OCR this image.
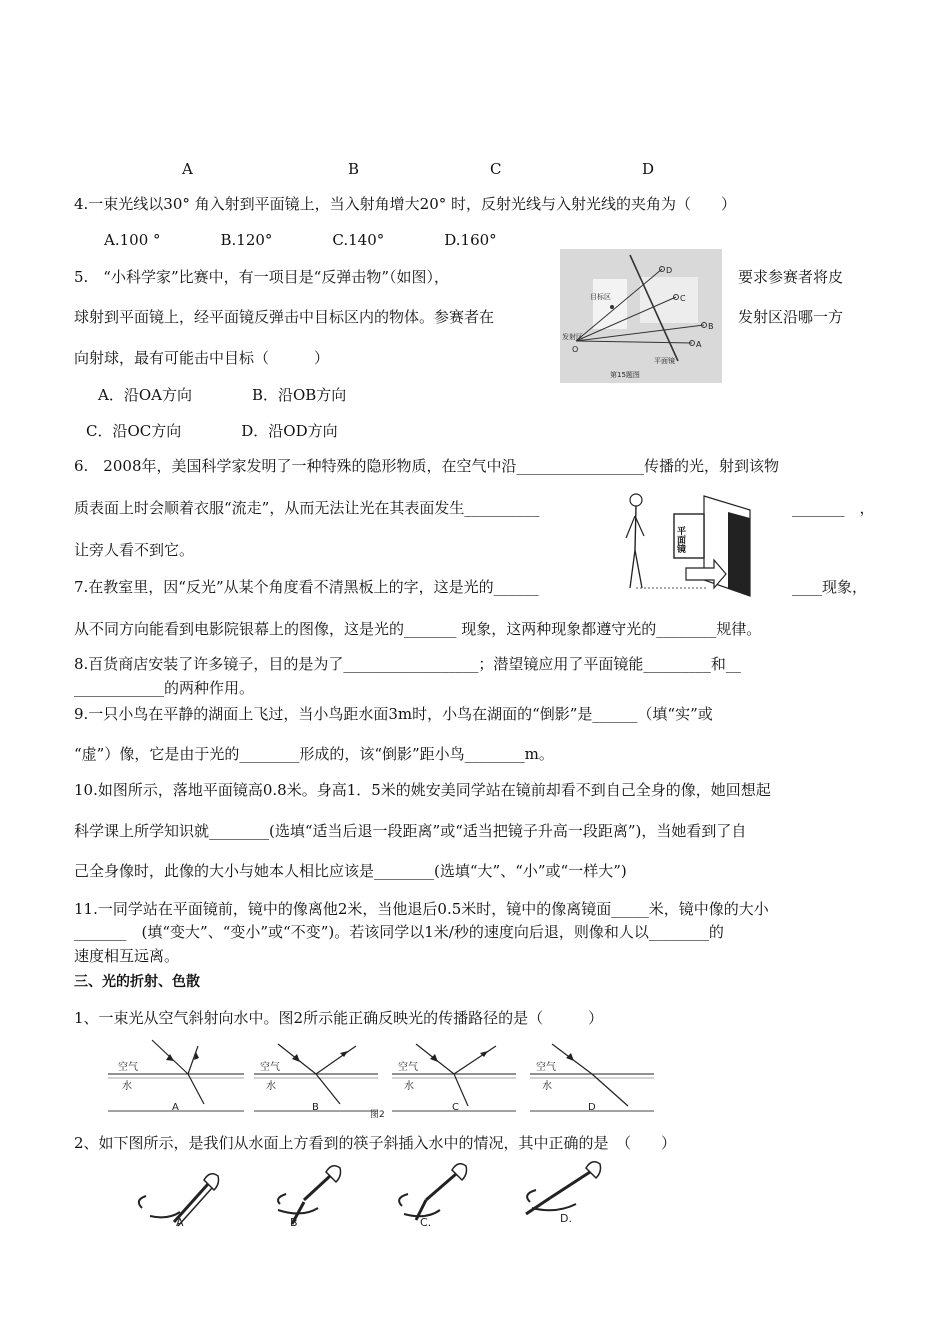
A	B	C	D
4.一束光线以30° 角入射到平面镜上，当入射角增大20° 时，反射光线与入射光线的夹角为（　　）
A.100 °　　　　B.120°　　　　C.140°　　　　D.160°
5.　“小科学家”比赛中，有一项目是“反弹击物”（如图），	要求参赛者将皮
球射到平面镜上，经平面镜反弹击中目标区内的物体。参赛者在	发射区沿哪一方
向射球，最有可能击中目标（　　　）
A．沿OA方向　　　　B．沿OB方向
C．沿OC方向　　　　D．沿OD方向
D
C
B
A
目标区
发射区
O
平面镜
第15题图
6.　2008年，美国科学家发明了一种特殊的隐形物质，在空气中沿_________________传播的光，射到该物
质表面上时会顺着衣服“流走”，从而无法让光在其表面发生__________	_______　，
让旁人看不到它。	平面镜
7.在教室里，因“反光”从某个角度看不清黑板上的字，这是光的______	____现象，
从不同方向能看到电影院银幕上的图像，这是光的_______ 现象，这两种现象都遵守光的________规律。
8.百货商店安装了许多镜子，目的是为了__________________；潜望镜应用了平面镜能_________和__
____________的两种作用。
9.一只小鸟在平静的湖面上飞过，当小鸟距水面3m时，小鸟在湖面的“倒影”是______（填“实”或
“虚”）像，它是由于光的________形成的，该“倒影”距小鸟________m。
10.如图所示，落地平面镜高0.8米。身高1．5米的姚安美同学站在镜前却看不到自己全身的像，她回想起
科学课上所学知识就________(选填“适当后退一段距离”或“适当把镜子升高一段距离”)，当她看到了自
己全身像时，此像的大小与她本人相比应该是________(选填“大”、“小”或“一样大”)
11.一同学站在平面镜前，镜中的像离他2米，当他退后0.5米时，镜中的像离镜面_____米，镜中像的大小
_______　(填“变大”、“变小”或“不变”)。若该同学以1米/秒的速度向后退，则像和人以________的
速度相互远离。
三、光的折射、色散
1、一束光从空气斜射向水中。图2所示能正确反映光的传播路径的是（　　　）
空气
水
A
空气
水
B
空气
水
C
空气
水
D
图2
2、如下图所示，是我们从水面上方看到的筷子斜插入水中的情况，其中正确的是　（　　）
A	B	C.	D.
